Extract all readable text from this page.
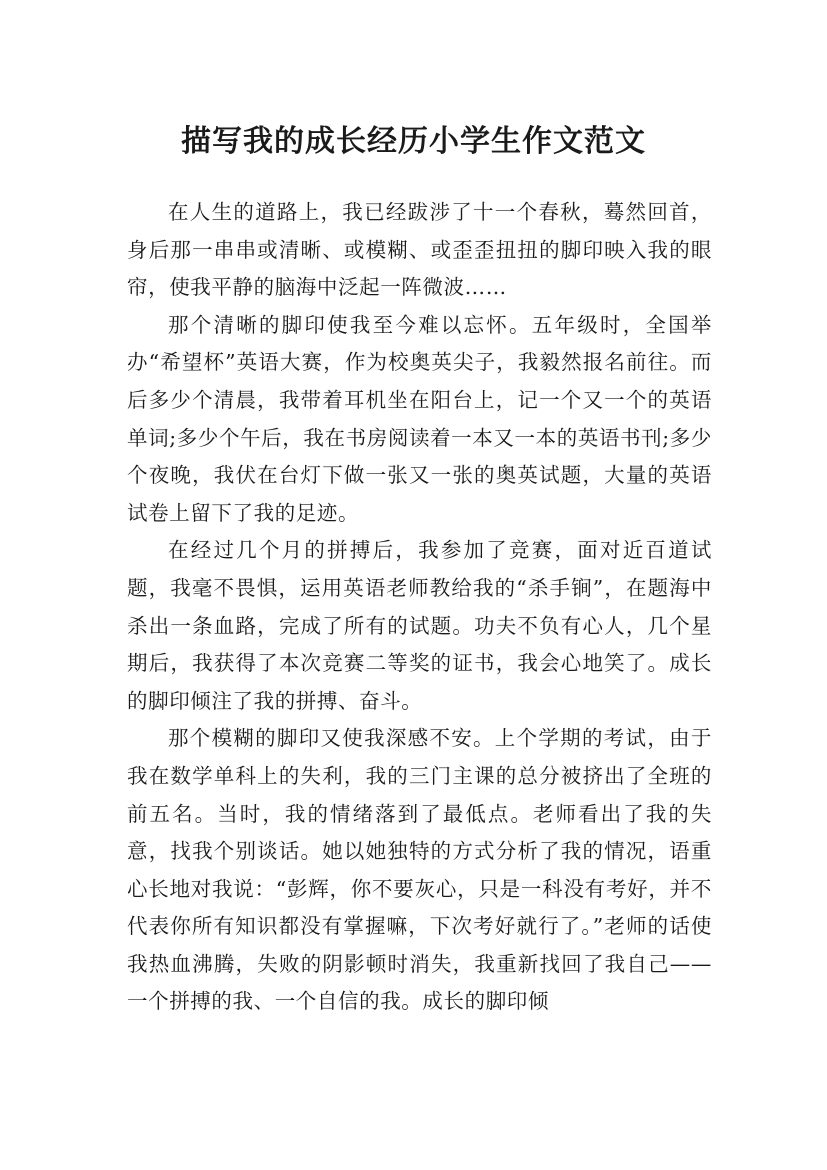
描写我的成长经历小学生作文范文

在人生的道路上，我已经跋涉了十一个春秋，蓦然回首，身后那一串串或清晰、或模糊、或歪歪扭扭的脚印映入我的眼帘，使我平静的脑海中泛起一阵微波……

那个清晰的脚印使我至今难以忘怀。五年级时，全国举办“希望杯”英语大赛，作为校奥英尖子，我毅然报名前往。而后多少个清晨，我带着耳机坐在阳台上，记一个又一个的英语单词;多少个午后，我在书房阅读着一本又一本的英语书刊;多少个夜晚，我伏在台灯下做一张又一张的奥英试题，大量的英语试卷上留下了我的足迹。

在经过几个月的拼搏后，我参加了竞赛，面对近百道试题，我毫不畏惧，运用英语老师教给我的“杀手锏”，在题海中杀出一条血路，完成了所有的试题。功夫不负有心人，几个星期后，我获得了本次竞赛二等奖的证书，我会心地笑了。成长的脚印倾注了我的拼搏、奋斗。

那个模糊的脚印又使我深感不安。上个学期的考试，由于我在数学单科上的失利，我的三门主课的总分被挤出了全班的前五名。当时，我的情绪落到了最低点。老师看出了我的失意，找我个别谈话。她以她独特的方式分析了我的情况，语重心长地对我说：“彭辉，你不要灰心，只是一科没有考好，并不代表你所有知识都没有掌握嘛，下次考好就行了。”老师的话使我热血沸腾，失败的阴影顿时消失，我重新找回了我自己——一个拼搏的我、一个自信的我。成长的脚印倾
